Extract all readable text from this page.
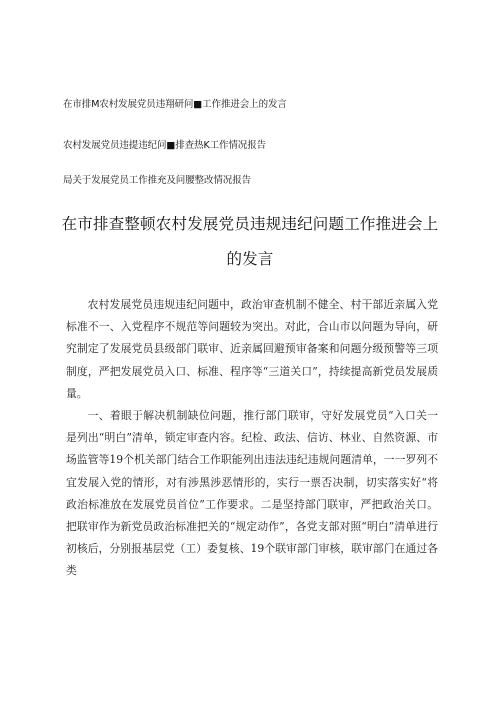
在市排M农村发展党员违翔研问■工作推进会上的发言
农村发展党员违提违纪问■排查热K工作情况报告
局关于发展党员工作推充及问腰整改情况报告
在市排查整顿农村发展党员违规违纪问题工作推进会上
的发言

农村发展党员违规违纪问题中，政治审查机制不健全、村干部近亲属入党标准不一、入党程序不规范等问题较为突出。对此，合山市以问题为导向，研究制定了发展党员县级部门联审、近亲属回避预审备案和问题分级预警等三项制度，严把发展党员入口、标准、程序等“三道关口”，持续提高新党员发展质量。

一、着眼于解决机制缺位问题，推行部门联审，守好发展党员“入口关一是列出“明白”清单，锁定审查内容。纪检、政法、信访、林业、自然资源、市场监管等19个机关部门结合工作职能列出违法违纪违规问题清单，一一罗列不宜发展入党的情形，对有涉黑涉恶情形的，实行一票否决制，切实落实好“将政治标准放在发展党员首位”工作要求。二是坚持部门联审，严把政治关口。把联审作为新党员政治标准把关的“规定动作”，各党支部对照“明白”清单进行初核后，分别报基层党（工）委复核、19个联审部门审核，联审部门在通过各类
